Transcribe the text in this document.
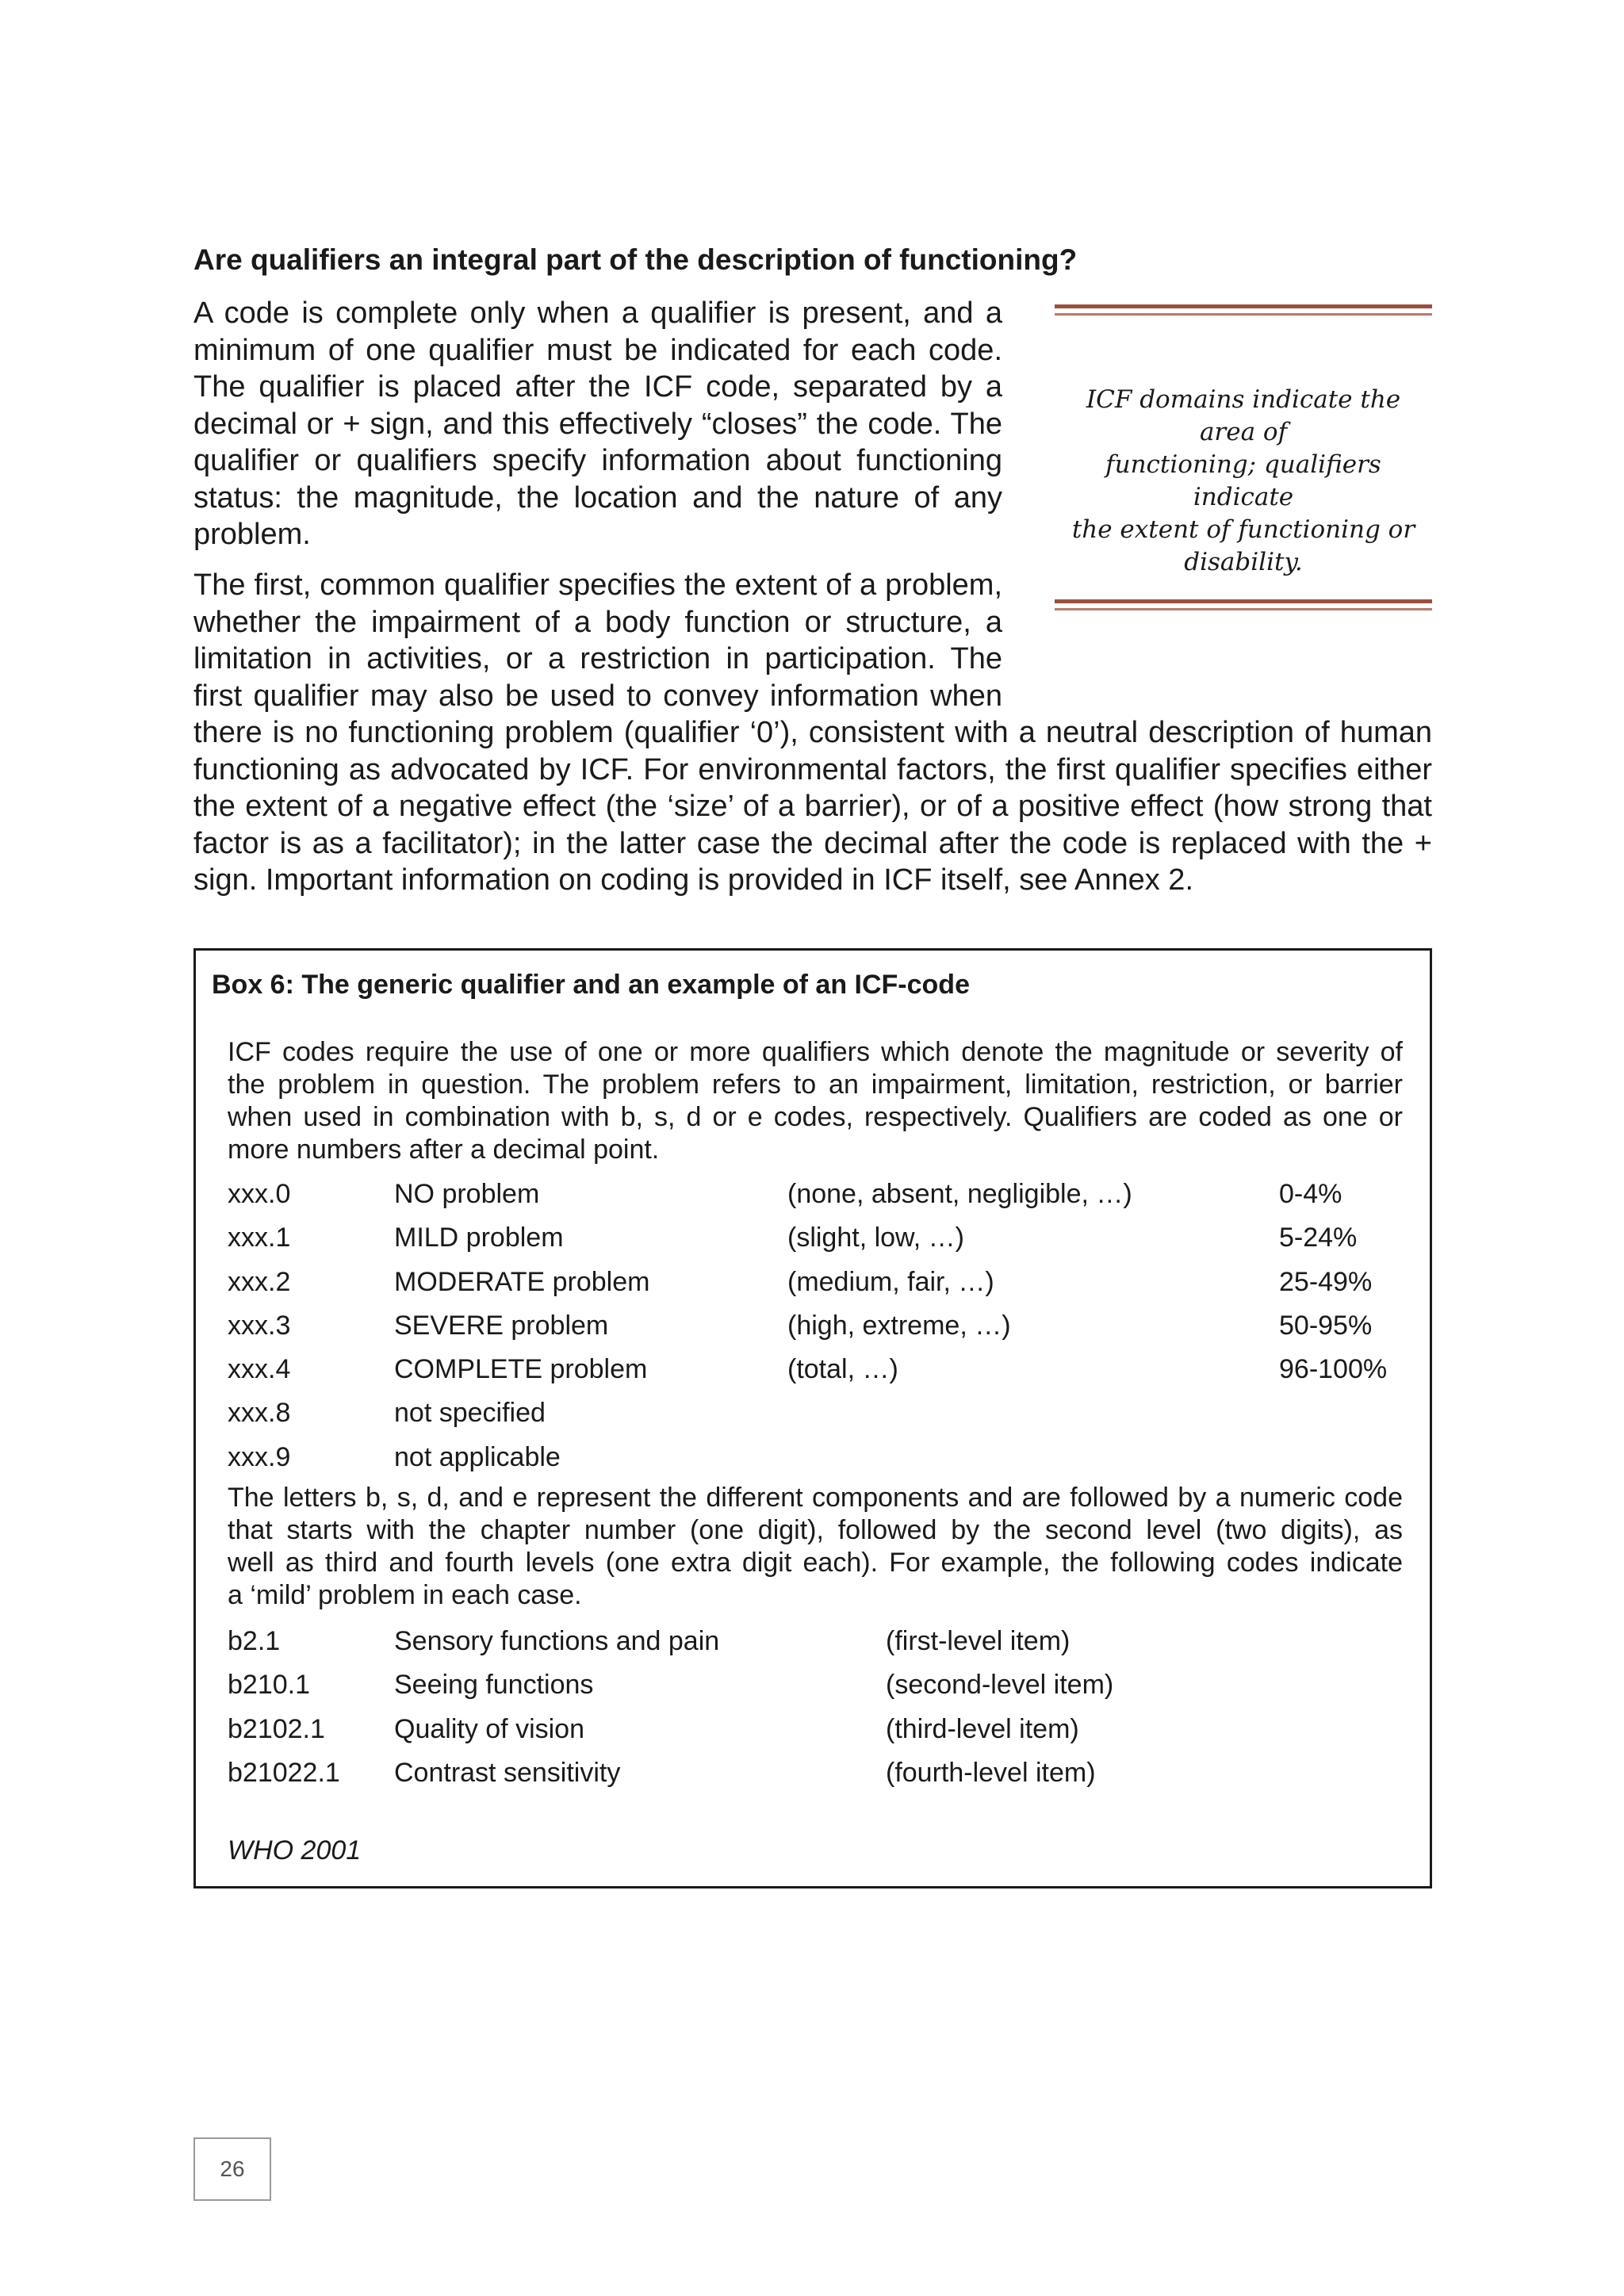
Are qualifiers an integral part of the description of functioning?

A code is complete only when a qualifier is present, and a
minimum of one qualifier must be indicated for each code.
The qualifier is placed after the ICF code, separated by a
decimal or + sign, and this effectively “closes” the code. The
qualifier or qualifiers specify information about functioning
status: the magnitude, the location and the nature of any
problem.

ICF domains indicate the area of
functioning; qualifiers indicate
the extent of functioning or
disability.

The first, common qualifier specifies the extent of a problem,
whether the impairment of a body function or structure, a
limitation in activities, or a restriction in participation. The
first qualifier may also be used to convey information when
there is no functioning problem (qualifier ‘0’), consistent with a neutral description of human
functioning as advocated by ICF. For environmental factors, the first qualifier specifies either
the extent of a negative effect (the ‘size’ of a barrier), or of a positive effect (how strong that
factor is as a facilitator); in the latter case the decimal after the code is replaced with the +
sign. Important information on coding is provided in ICF itself, see Annex 2.

Box 6: The generic qualifier and an example of an ICF-code

ICF codes require the use of one or more qualifiers which denote the magnitude or severity of
the problem in question. The problem refers to an impairment, limitation, restriction, or barrier
when used in combination with b, s, d or e codes, respectively. Qualifiers are coded as one or
more numbers after a decimal point.

xxx.0	NO problem	(none, absent, negligible, …)	0-4%
xxx.1	MILD problem	(slight, low, …)	5-24%
xxx.2	MODERATE problem	(medium, fair, …)	25-49%
xxx.3	SEVERE problem	(high, extreme, …)	50-95%
xxx.4	COMPLETE problem	(total, …)	96-100%
xxx.8	not specified
xxx.9	not applicable

The letters b, s, d, and e represent the different components and are followed by a numeric code
that starts with the chapter number (one digit), followed by the second level (two digits), as
well as third and fourth levels (one extra digit each). For example, the following codes indicate
a ‘mild’ problem in each case.

b2.1	Sensory functions and pain	(first-level item)
b210.1	Seeing functions	(second-level item)
b2102.1	Quality of vision	(third-level item)
b21022.1 Contrast sensitivity	(fourth-level item)

WHO 2001

26
